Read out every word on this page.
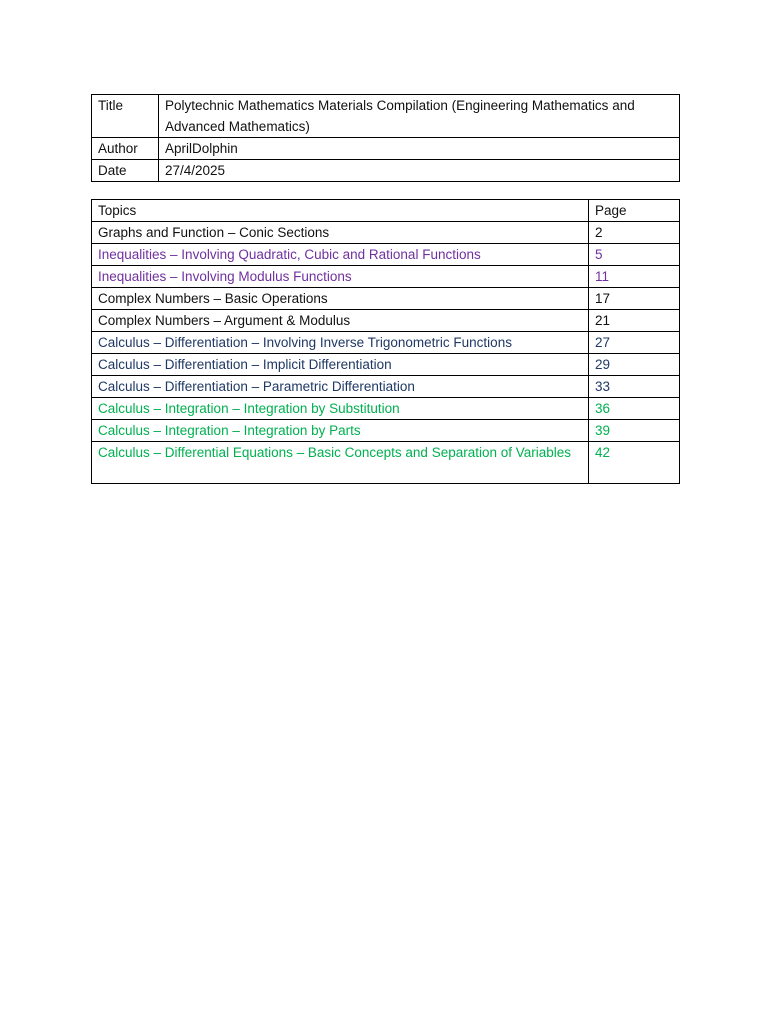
Title	Polytechnic Mathematics Materials Compilation (Engineering Mathematics and Advanced Mathematics)
Author	AprilDolphin
Date	27/4/2025
Topics	Page
Graphs and Function – Conic Sections	2
Inequalities – Involving Quadratic, Cubic and Rational Functions	5
Inequalities – Involving Modulus Functions	11
Complex Numbers – Basic Operations	17
Complex Numbers – Argument & Modulus	21
Calculus – Differentiation – Involving Inverse Trigonometric Functions	27
Calculus – Differentiation – Implicit Differentiation	29
Calculus – Differentiation – Parametric Differentiation	33
Calculus – Integration – Integration by Substitution	36
Calculus – Integration – Integration by Parts	39
Calculus – Differential Equations – Basic Concepts and Separation of Variables	42
